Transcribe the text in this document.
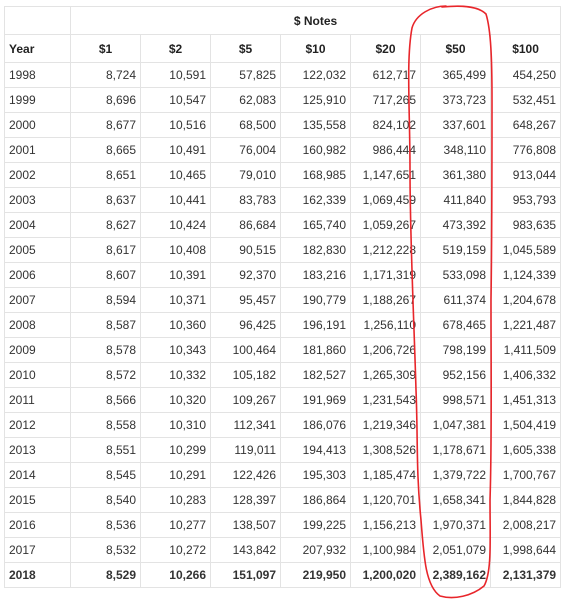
	$ Notes						
Year	$1	$2	$5	$10	$20	$50	$100
1998	8,724	10,591	57,825	122,032	612,717	365,499	454,250
1999	8,696	10,547	62,083	125,910	717,265	373,723	532,451
2000	8,677	10,516	68,500	135,558	824,102	337,601	648,267
2001	8,665	10,491	76,004	160,982	986,444	348,110	776,808
2002	8,651	10,465	79,010	168,985	1,147,651	361,380	913,044
2003	8,637	10,441	83,783	162,339	1,069,459	411,840	953,793
2004	8,627	10,424	86,684	165,740	1,059,267	473,392	983,635
2005	8,617	10,408	90,515	182,830	1,212,228	519,159	1,045,589
2006	8,607	10,391	92,370	183,216	1,171,319	533,098	1,124,339
2007	8,594	10,371	95,457	190,779	1,188,267	611,374	1,204,678
2008	8,587	10,360	96,425	196,191	1,256,110	678,465	1,221,487
2009	8,578	10,343	100,464	181,860	1,206,726	798,199	1,411,509
2010	8,572	10,332	105,182	182,527	1,265,309	952,156	1,406,332
2011	8,566	10,320	109,267	191,969	1,231,543	998,571	1,451,313
2012	8,558	10,310	112,341	186,076	1,219,346	1,047,381	1,504,419
2013	8,551	10,299	119,011	194,413	1,308,526	1,178,671	1,605,338
2014	8,545	10,291	122,426	195,303	1,185,474	1,379,722	1,700,767
2015	8,540	10,283	128,397	186,864	1,120,701	1,658,341	1,844,828
2016	8,536	10,277	138,507	199,225	1,156,213	1,970,371	2,008,217
2017	8,532	10,272	143,842	207,932	1,100,984	2,051,079	1,998,644
2018	8,529	10,266	151,097	219,950	1,200,020	2,389,162	2,131,379
